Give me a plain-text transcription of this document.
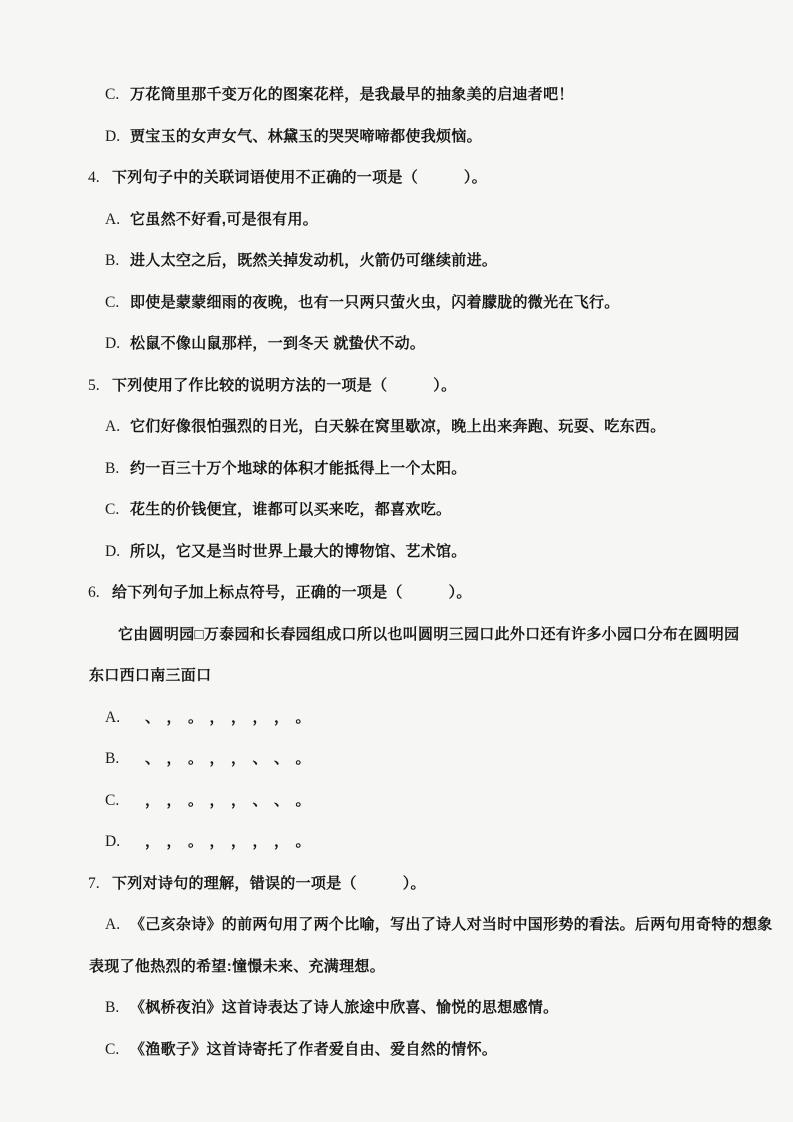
C. 万花筒里那千变万化的图案花样，是我最早的抽象美的启迪者吧！
D. 贾宝玉的女声女气、林黛玉的哭哭啼啼都使我烦恼。
4. 下列句子中的关联词语使用不正确的一项是（　　　）。
A. 它虽然不好看,可是很有用。
B. 进人太空之后，既然关掉发动机，火箭仍可继续前进。
C. 即使是蒙蒙细雨的夜晚，也有一只两只萤火虫，闪着朦胧的微光在飞行。
D. 松鼠不像山鼠那样，一到冬天 就蛰伏不动。
5. 下列使用了作比较的说明方法的一项是（　　　）。
A. 它们好像很怕强烈的日光，白天躲在窝里歇凉，晚上出来奔跑、玩耍、吃东西。
B. 约一百三十万个地球的体积才能抵得上一个太阳。
C. 花生的价钱便宜，谁都可以买来吃，都喜欢吃。
D. 所以，它又是当时世界上最大的博物馆、艺术馆。
6. 给下列句子加上标点符号，正确的一项是（　　　）。
它由圆明园□万泰园和长春园组成口所以也叫圆明三园口此外口还有许多小园口分布在圆明园
东口西口南三面口
A. 、 ， 。 ， ， ， ， 。
B. 、 ， 。 ， ， 、 、 。
C. ， ， 。 ， ， 、 、 。
D. ， ， 。 ， ， ， ， 。
7. 下列对诗句的理解，错误的一项是（　　　）。
A. 《己亥杂诗》的前两句用了两个比喻，写出了诗人对当时中国形势的看法。后两句用奇特的想象
表现了他热烈的希望:憧憬未来、充满理想。
B. 《枫桥夜泊》这首诗表达了诗人旅途中欣喜、愉悦的思想感情。
C. 《渔歌子》这首诗寄托了作者爱自由、爱自然的情怀。
